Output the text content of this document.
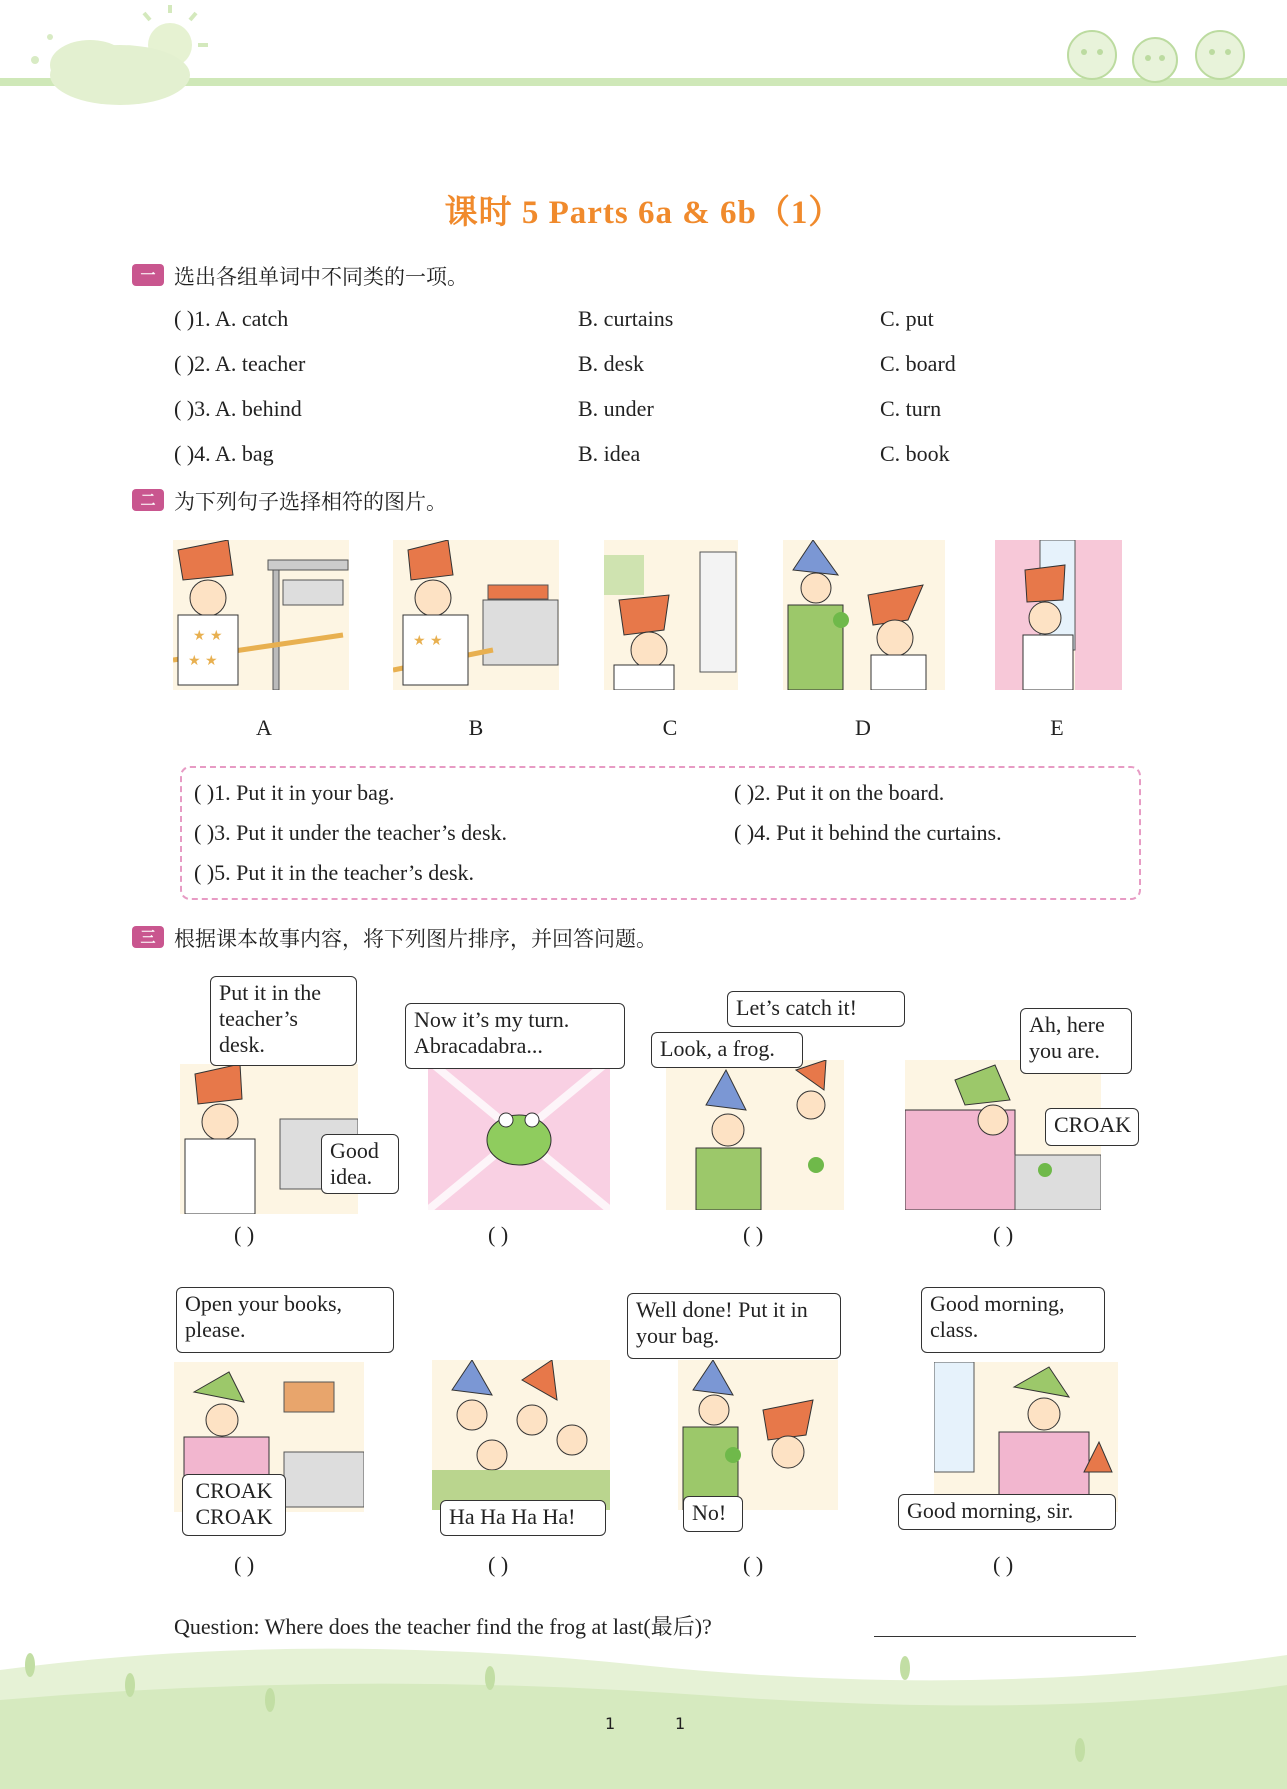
课时 5 Parts 6a & 6b（1）
一 选出各组单词中不同类的一项。
( )1. A. catch	B. curtains	C. put
( )2. A. teacher	B. desk	C. board
( )3. A. behind	B. under	C. turn
( )4. A. bag	B. idea	C. book
二 为下列句子选择相符的图片。
★ ★
★ ★
★ ★
A	B	C	D	E
( )1. Put it in your bag.	( )2. Put it on the board.
( )3. Put it under the teacher’s desk.	( )4. Put it behind the curtains.
( )5. Put it in the teacher’s desk.
三 根据课本故事内容，将下列图片排序，并回答问题。
Put it in the teacher’s desk.
Good idea.
Now it’s my turn. Abracadabra...
Let’s catch it!
Look, a frog.
Ah, here you are.
CROAK
( )	( )	( )	( )
Open your books, please.
CROAK CROAK	Ha Ha Ha Ha!
Well done! Put it in your bag.
No!
Good morning, class.
Good morning, sir.
( )	( )	( )	( )
Question: Where does the teacher find the frog at last(最后)?
1	1
